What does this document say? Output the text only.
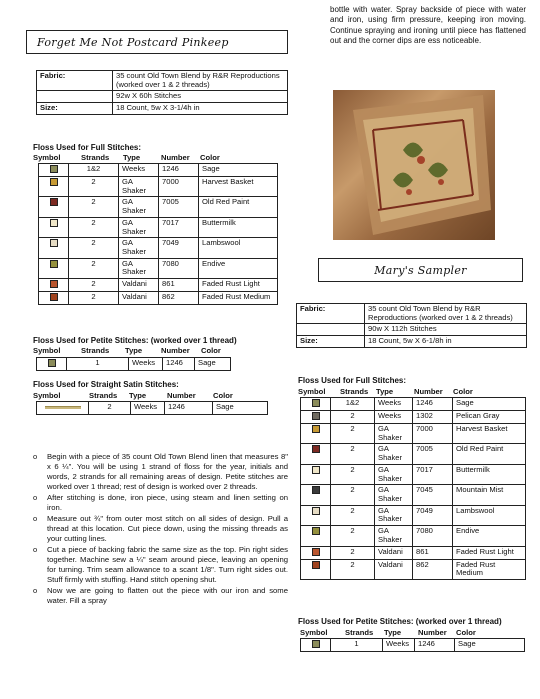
Forget Me Not Postcard Pinkeep
Fabric:	35 count Old Town Blend by R&R Reproductions (worked over 1 & 2 threads)
	92w X 60h Stitches
Size:	18 Count, 5w X 3-1/4h in
Floss Used for Full Stitches:
Symbol	Strands Type	Number Color
	1&2	Weeks	1246	Sage
	2	GA Shaker	7000	Harvest Basket
	2	GA Shaker	7005	Old Red Paint
	2	GA Shaker	7017	Buttermilk
	2	GA Shaker	7049	Lambswool
	2	GA Shaker	7080	Endive
	2	Valdani	861	Faded Rust Light
	2	Valdani	862	Faded Rust Medium
Floss Used for Petite Stitches: (worked over 1 thread)
Symbol	Strands Type Number Color
	1	Weeks	1246	Sage
Floss Used for Straight Satin Stitches:
Symbol	Strands Type	Number Color
	2	Weeks	1246	Sage
o Begin with a piece of 35 count Old Town Blend linen that measures 8" x 6 ¼". You will be using 1 strand of floss for the year, initials and words, 2 strands for all remaining areas of design. Petite stitches are worked over 1 thread; rest of design is worked over 2 threads.
o After stitching is done, iron piece, using steam and linen setting on iron.
o Measure out ¾" from outer most stitch on all sides of design. Pull a thread at this location. Cut piece down, using the missing threads as your cutting lines.
o Cut a piece of backing fabric the same size as the top. Pin right sides together. Machine sew a ¼" seam around piece, leaving an opening for turning. Trim seam allowance to a scant 1/8". Turn right sides out. Stuff firmly with stuffing. Hand stitch opening shut.
o Now we are going to flatten out the piece with our iron and some water. Fill a spray
bottle with water. Spray backside of piece with water and iron, using firm pressure, keeping iron moving. Continue spraying and ironing until piece has flattened out and the corner dips are ess noticeable.
Mary's Sampler
Fabric:	35 count Old Town Blend by R&R Reproductions (worked over 1 & 2 threads)
	90w X 112h Stitches
Size:	18 Count, 5w X 6-1/8h in
Floss Used for Full Stitches:
Symbol Strands Type	Number Color
	1&2	Weeks	1246	Sage
	2	Weeks	1302	Pelican Gray
	2	GA Shaker	7000	Harvest Basket
	2	GA Shaker	7005	Old Red Paint
	2	GA Shaker	7017	Buttermilk
	2	GA Shaker	7045	Mountain Mist
	2	GA Shaker	7049	Lambswool
	2	GA Shaker	7080	Endive
	2	Valdani	861	Faded Rust Light
	2	Valdani	862	Faded Rust Medium
Floss Used for Petite Stitches: (worked over 1 thread)
Symbol Strands Type Number Color
	1	Weeks	1246	Sage
